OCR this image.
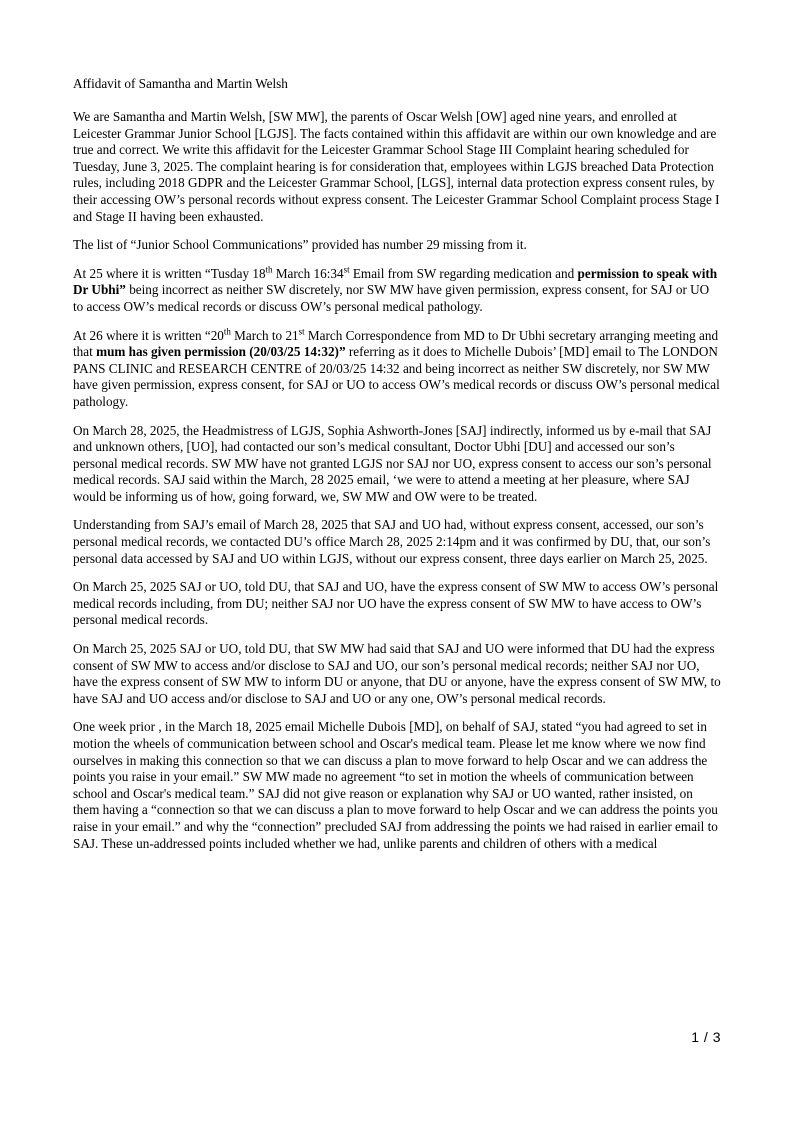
Affidavit of Samantha and Martin Welsh

We are Samantha and Martin Welsh, [SW MW], the parents of Oscar Welsh [OW] aged nine years, and enrolled at Leicester Grammar Junior School [LGJS]. The facts contained within this affidavit are within our own knowledge and are true and correct. We write this affidavit for the Leicester Grammar School Stage III Complaint hearing scheduled for Tuesday, June 3, 2025. The complaint hearing is for consideration that, employees within LGJS breached Data Protection rules, including 2018 GDPR and the Leicester Grammar School, [LGS], internal data protection express consent rules, by their accessing OW’s personal records without express consent. The Leicester Grammar School Complaint process Stage I and Stage II having been exhausted.

The list of “Junior School Communications” provided has number 29 missing from it.

At 25 where it is written “Tusday 18th March 16:34st Email from SW regarding medication and permission to speak with Dr Ubhi” being incorrect as neither SW discretely, nor SW MW have given permission, express consent, for SAJ or UO to access OW’s medical records or discuss OW’s personal medical pathology.

At 26 where it is written “20th March to 21st March Correspondence from MD to Dr Ubhi secretary arranging meeting and that mum has given permission (20/03/25 14:32)” referring as it does to Michelle Dubois’ [MD] email to The LONDON PANS CLINIC and RESEARCH CENTRE of 20/03/25 14:32 and being incorrect as neither SW discretely, nor SW MW have given permission, express consent, for SAJ or UO to access OW’s medical records or discuss OW’s personal medical pathology.

On March 28, 2025, the Headmistress of LGJS, Sophia Ashworth-Jones [SAJ] indirectly, informed us by e-mail that SAJ and unknown others, [UO], had contacted our son’s medical consultant, Doctor Ubhi [DU] and accessed our son’s personal medical records. SW MW have not granted LGJS nor SAJ nor UO, express consent to access our son’s personal medical records. SAJ said within the March, 28 2025 email, ‘we were to attend a meeting at her pleasure, where SAJ would be informing us of how, going forward, we, SW MW and OW were to be treated.

Understanding from SAJ’s email of March 28, 2025 that SAJ and UO had, without express consent, accessed, our son’s personal medical records, we contacted DU’s office March 28, 2025 2:14pm and it was confirmed by DU, that, our son’s personal data accessed by SAJ and UO within LGJS, without our express consent, three days earlier on March 25, 2025.

On March 25, 2025 SAJ or UO, told DU, that SAJ and UO, have the express consent of SW MW to access OW’s personal medical records including, from DU; neither SAJ nor UO have the express consent of SW MW to have access to OW’s personal medical records.

On March 25, 2025 SAJ or UO, told DU, that SW MW had said that SAJ and UO were informed that DU had the express consent of SW MW to access and/or disclose to SAJ and UO, our son’s personal medical records; neither SAJ nor UO, have the express consent of SW MW to inform DU or anyone, that DU or anyone, have the express consent of SW MW, to have SAJ and UO access and/or disclose to SAJ and UO or any one, OW’s personal medical records.

One week prior , in the March 18, 2025 email Michelle Dubois [MD], on behalf of SAJ, stated “you had agreed to set in motion the wheels of communication between school and Oscar's medical team. Please let me know where we now find ourselves in making this connection so that we can discuss a plan to move forward to help Oscar and we can address the points you raise in your email.” SW MW made no agreement “to set in motion the wheels of communication between school and Oscar's medical team.” SAJ did not give reason or explanation why SAJ or UO wanted, rather insisted, on them having a “connection so that we can discuss a plan to move forward to help Oscar and we can address the points you raise in your email.” and why the “connection” precluded SAJ from addressing the points we had raised in earlier email to SAJ. These un-addressed points included whether we had, unlike parents and children of others with a medical

1 / 3
